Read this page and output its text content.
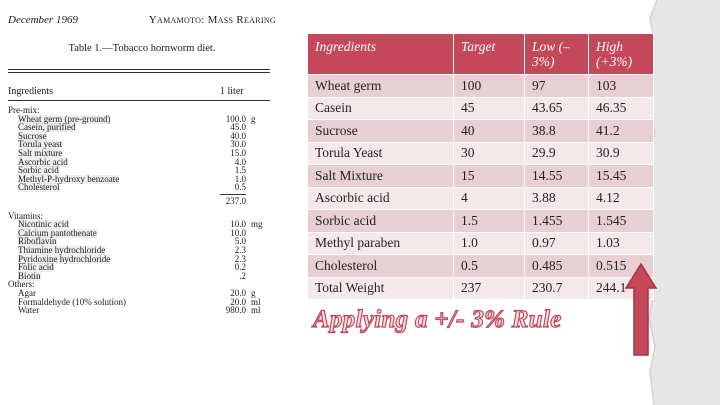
December 1969	Yamamoto: Mass Rearing
Table 1.—Tobacco hornworm diet.
Ingredients	1 liter
Pre-mix:
Wheat germ (pre-ground)	100.0 g
Casein, purified	45.0
Sucrose	40.0
Torula yeast	30.0
Salt mixture	15.0
Ascorbic acid	4.0
Sorbic acid	1.5
Methyl-P-hydroxy benzoate	1.0
Cholesterol	0.5
237.0
Vitamins:
Nicotinic acid	10.0 mg
Calcium pantothenate	10.0
Riboflavin	5.0
Thiamine hydrochloride	2.3
Pyridoxine hydrochloride	2.3
Folic acid	0.2
Biotin	.2
Others:
Agar	20.0 g
Formaldehyde (10% solution)	20.0 ml
Water	980.0 ml
Ingredients	Target	Low (–3%)	High (+3%)
Wheat germ	100	97	103
Casein	45	43.65	46.35
Sucrose	40	38.8	41.2
Torula Yeast	30	29.9	30.9
Salt Mixture	15	14.55	15.45
Ascorbic acid	4	3.88	4.12
Sorbic acid	1.5	1.455	1.545
Methyl paraben	1.0	0.97	1.03
Cholesterol	0.5	0.485	0.515
Total Weight	237	230.7	244.1
Applying a +/- 3% Rule
